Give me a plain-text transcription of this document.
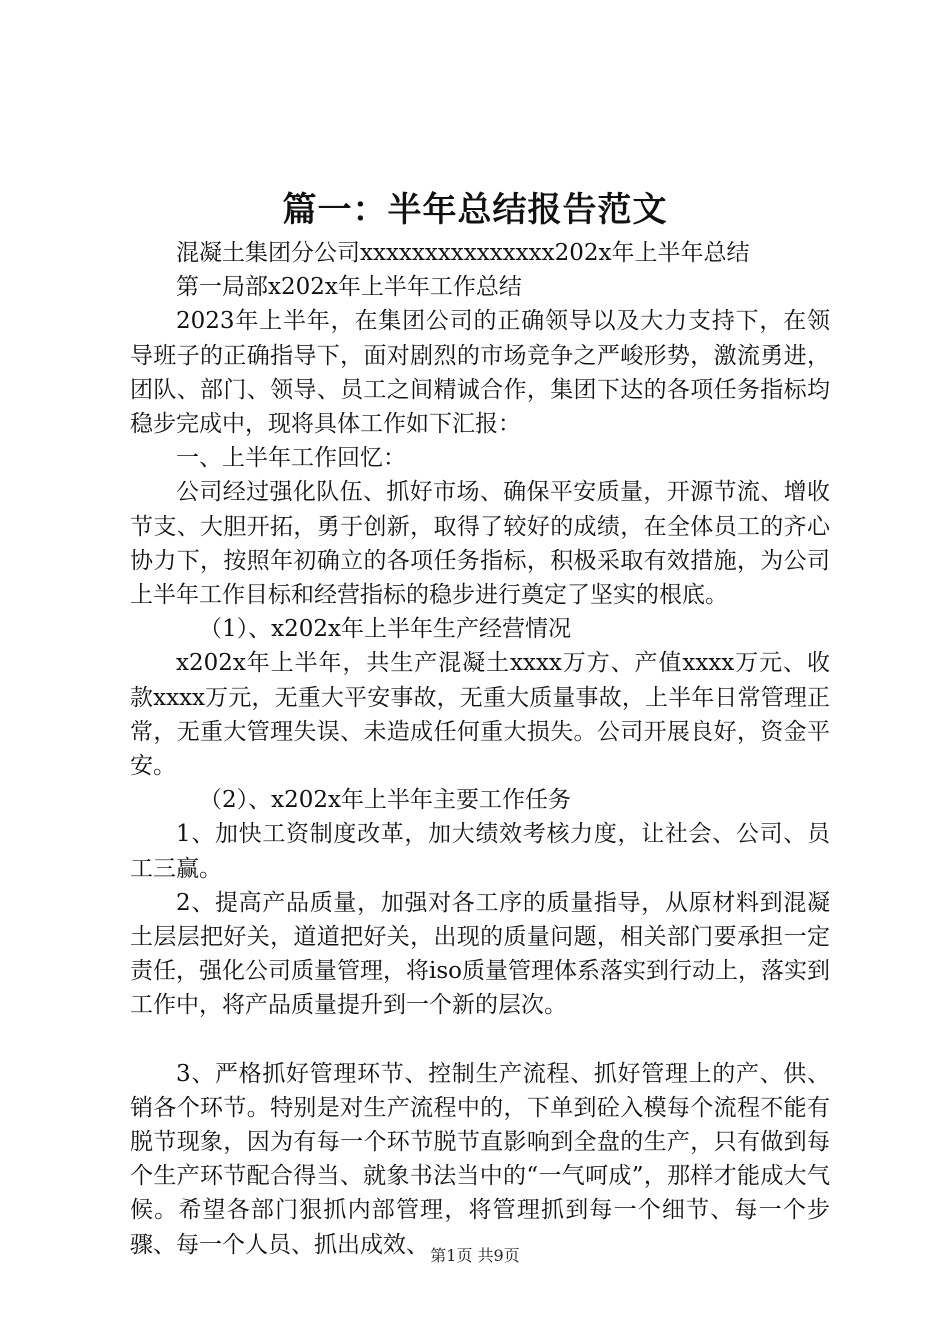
篇一：半年总结报告范文

混凝土集团分公司xxxxxxxxxxxxxxx202x年上半年总结

第一局部x202x年上半年工作总结

2023年上半年，在集团公司的正确领导以及大力支持下，在领导班子的正确指导下，面对剧烈的市场竞争之严峻形势，激流勇进，团队、部门、领导、员工之间精诚合作，集团下达的各项任务指标均稳步完成中，现将具体工作如下汇报：

一、上半年工作回忆：

公司经过强化队伍、抓好市场、确保平安质量，开源节流、增收节支、大胆开拓，勇于创新，取得了较好的成绩，在全体员工的齐心协力下，按照年初确立的各项任务指标，积极采取有效措施，为公司上半年工作目标和经营指标的稳步进行奠定了坚实的根底。

（1）、x202x年上半年生产经营情况

x202x年上半年，共生产混凝土xxxx万方、产值xxxx万元、收款xxxx万元，无重大平安事故，无重大质量事故，上半年日常管理正常，无重大管理失误、未造成任何重大损失。公司开展良好，资金平安。

（2）、x202x年上半年主要工作任务

1、加快工资制度改革，加大绩效考核力度，让社会、公司、员工三赢。

2、提高产品质量，加强对各工序的质量指导，从原材料到混凝土层层把好关，道道把好关，出现的质量问题，相关部门要承担一定责任，强化公司质量管理，将iso质量管理体系落实到行动上，落实到工作中，将产品质量提升到一个新的层次。

3、严格抓好管理环节、控制生产流程、抓好管理上的产、供、销各个环节。特别是对生产流程中的，下单到砼入模每个流程不能有脱节现象，因为有每一个环节脱节直影响到全盘的生产，只有做到每个生产环节配合得当、就象书法当中的“一气呵成”，那样才能成大气候。希望各部门狠抓内部管理，将管理抓到每一个细节、每一个步骤、每一个人员、抓出成效、 第1页 共9页
